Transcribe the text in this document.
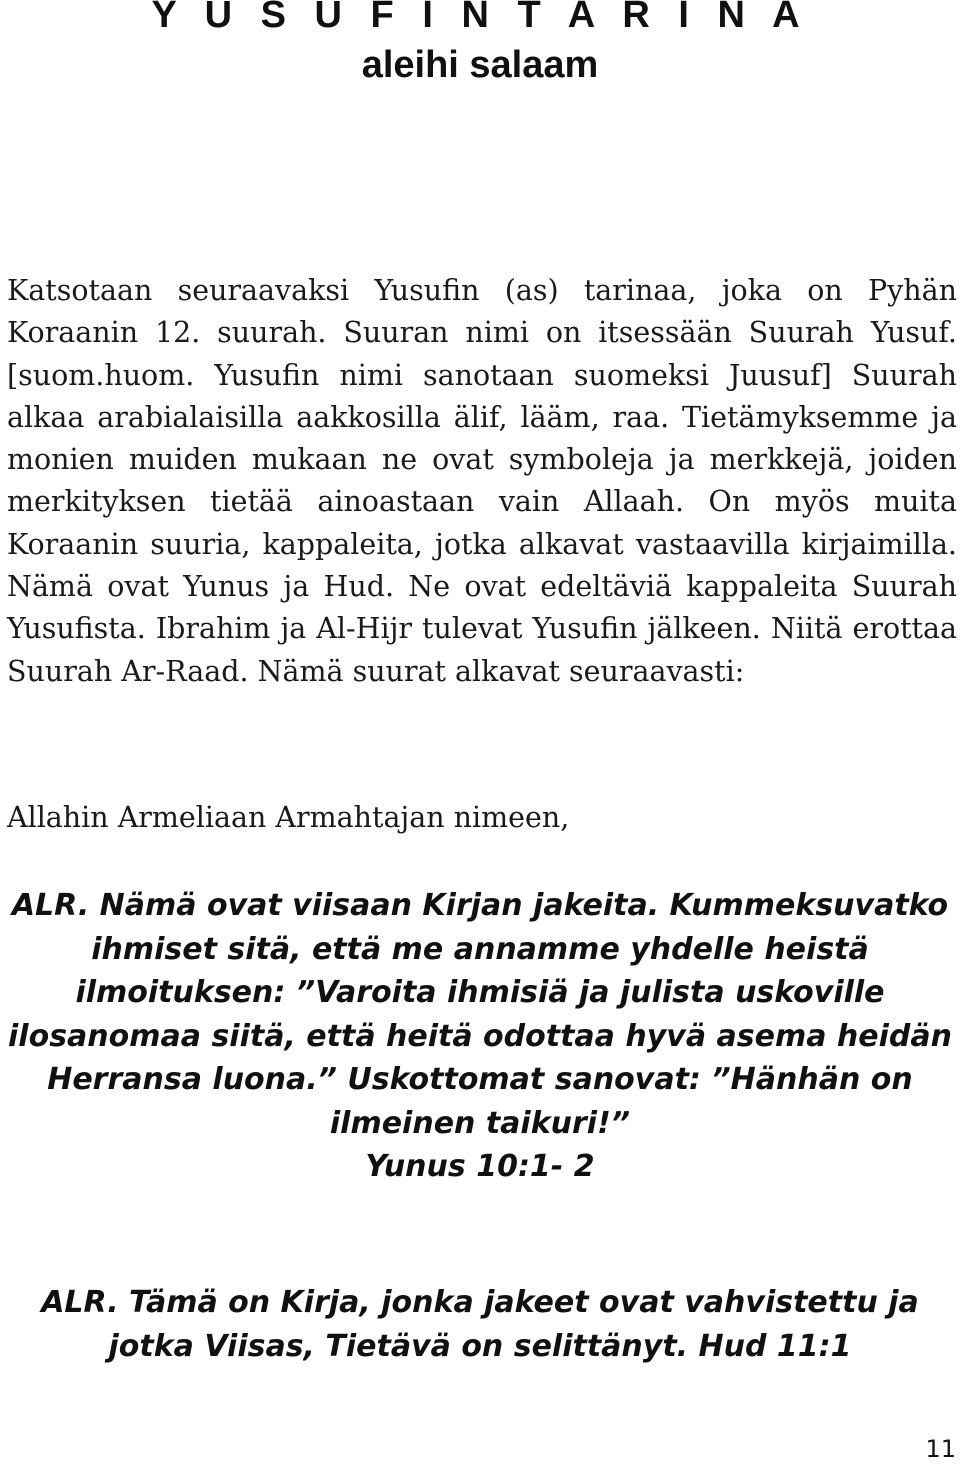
Y U S U F I N T A R I N A
aleihi salaam

Katsotaan seuraavaksi Yusufin (as) tarinaa, joka on Pyhän Koraanin 12. suurah. Suuran nimi on itsessään Suurah Yusuf. [suom.huom. Yusufin nimi sanotaan suomeksi Juusuf] Suurah alkaa arabialaisilla aakkosilla älif, lääm, raa. Tietämyksemme ja monien muiden mukaan ne ovat symboleja ja merkkejä, joiden merkityksen tietää ainoastaan vain Allaah. On myös muita Koraanin suuria, kappaleita, jotka alkavat vastaavilla kirjaimilla. Nämä ovat Yunus ja Hud. Ne ovat edeltäviä kappaleita Suurah Yusufista. Ibrahim ja Al-Hijr tulevat Yusufin jälkeen. Niitä erottaa Suurah Ar-Raad. Nämä suurat alkavat seuraavasti:

Allahin Armeliaan Armahtajan nimeen,

ALR. Nämä ovat viisaan Kirjan jakeita. Kummeksuvatko
ihmiset sitä, että me annamme yhdelle heistä
ilmoituksen: ”Varoita ihmisiä ja julista uskoville
ilosanomaa siitä, että heitä odottaa hyvä asema heidän
Herransa luona.” Uskottomat sanovat: ”Hänhän on
ilmeinen taikuri!”
Yunus 10:1- 2
ALR. Tämä on Kirja, jonka jakeet ovat vahvistettu ja
jotka Viisas, Tietävä on selittänyt. Hud 11:1

11
